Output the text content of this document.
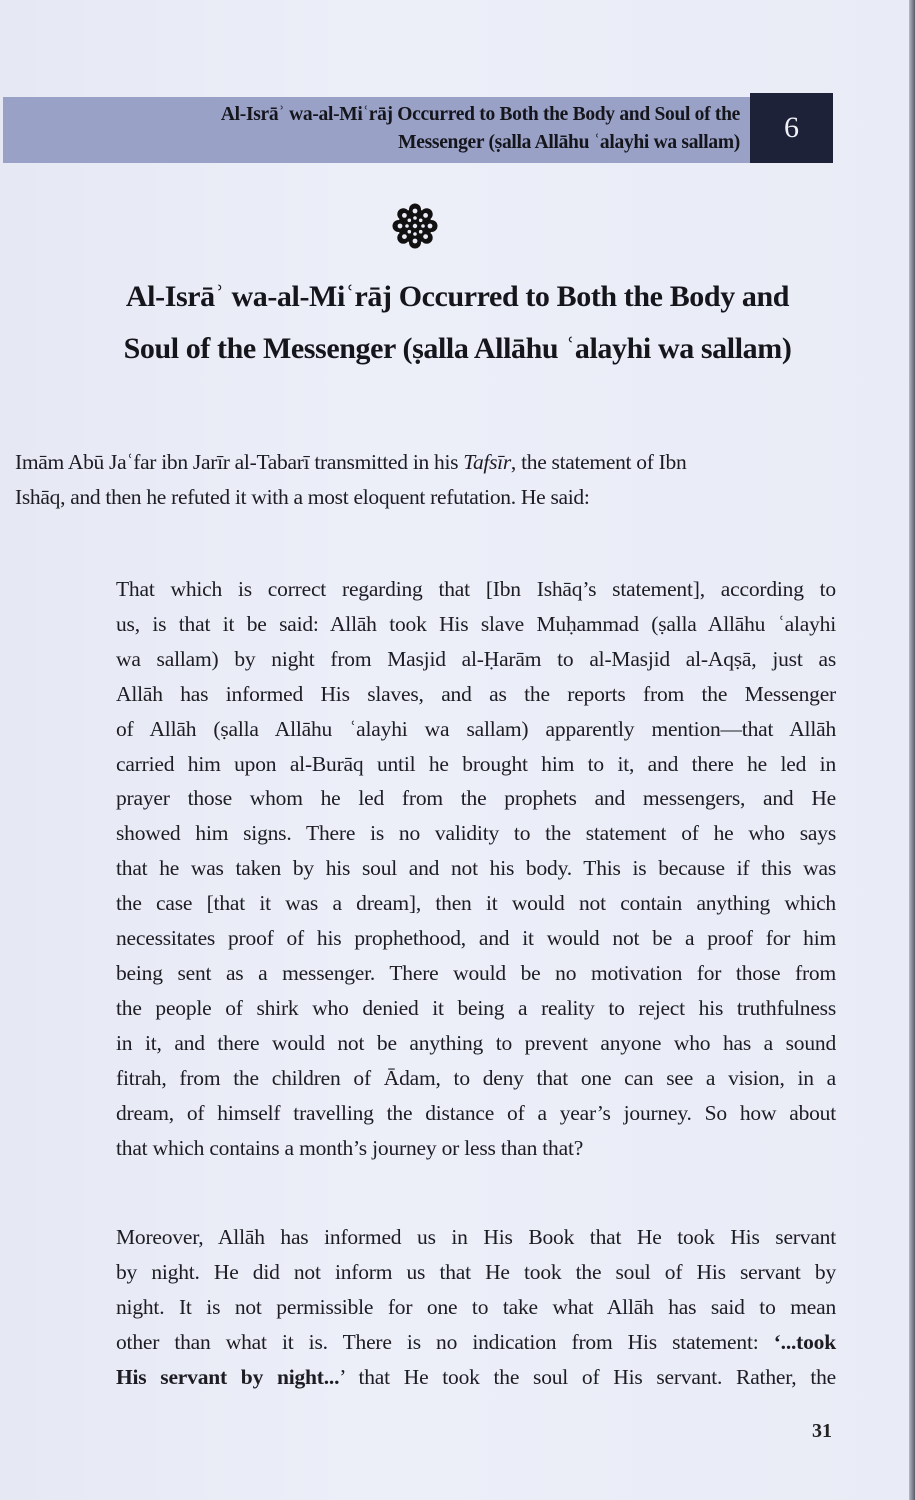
Al-Isrāʾ wa-al-Miʿrāj Occurred to Both the Body and Soul of the
Messenger (ṣalla Allāhu ʿalayhi wa sallam) 6
Al-Isrāʾ wa-al-Miʿrāj Occurred to Both the Body and
Soul of the Messenger (ṣalla Allāhu ʿalayhi wa sallam)
Imām Abū Jaʿfar ibn Jarīr al-Tabarī transmitted in his Tafsīr, the statement of Ibn
Ishāq, and then he refuted it with a most eloquent refutation. He said:
That which is correct regarding that [Ibn Ishāq’s statement], according to
us, is that it be said: Allāh took His slave Muḥammad (ṣalla Allāhu ʿalayhi
wa sallam) by night from Masjid al-Ḥarām to al-Masjid al-Aqṣā, just as
Allāh has informed His slaves, and as the reports from the Messenger
of Allāh (ṣalla Allāhu ʿalayhi wa sallam) apparently mention—that Allāh
carried him upon al-Burāq until he brought him to it, and there he led in
prayer those whom he led from the prophets and messengers, and He
showed him signs. There is no validity to the statement of he who says
that he was taken by his soul and not his body. This is because if this was
the case [that it was a dream], then it would not contain anything which
necessitates proof of his prophethood, and it would not be a proof for him
being sent as a messenger. There would be no motivation for those from
the people of shirk who denied it being a reality to reject his truthfulness
in it, and there would not be anything to prevent anyone who has a sound
fitrah, from the children of Ādam, to deny that one can see a vision, in a
dream, of himself travelling the distance of a year’s journey. So how about
that which contains a month’s journey or less than that?
Moreover, Allāh has informed us in His Book that He took His servant
by night. He did not inform us that He took the soul of His servant by
night. It is not permissible for one to take what Allāh has said to mean
other than what it is. There is no indication from His statement: ‘...took
His servant by night...’ that He took the soul of His servant. Rather, the
31
